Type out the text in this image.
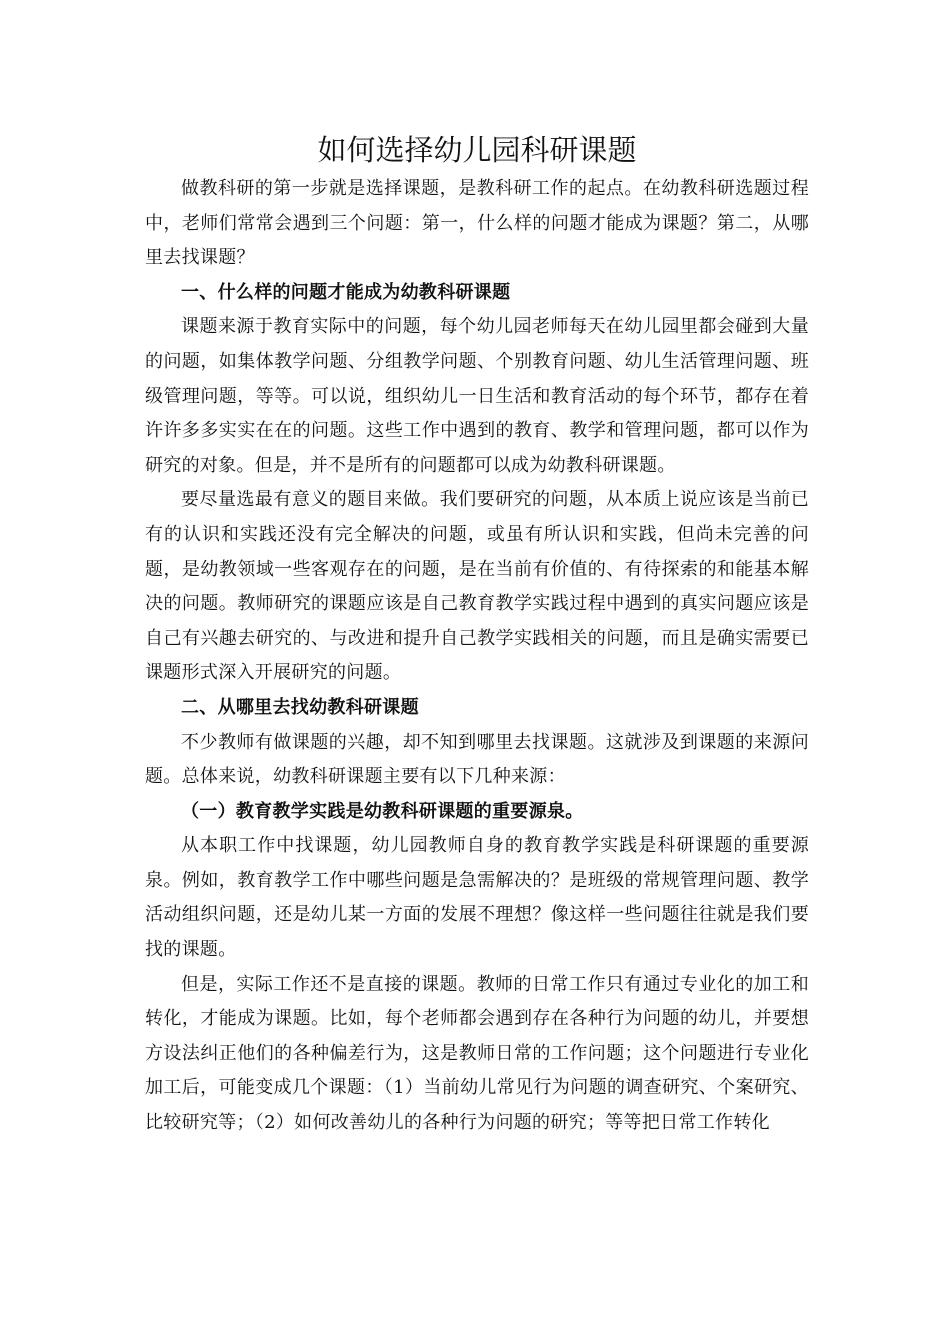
如何选择幼儿园科研课题

做教科研的第一步就是选择课题，是教科研工作的起点。在幼教科研选题过程中，老师们常常会遇到三个问题：第一，什么样的问题才能成为课题？第二，从哪里去找课题？

一、什么样的问题才能成为幼教科研课题

课题来源于教育实际中的问题，每个幼儿园老师每天在幼儿园里都会碰到大量的问题，如集体教学问题、分组教学问题、个别教育问题、幼儿生活管理问题、班级管理问题，等等。可以说，组织幼儿一日生活和教育活动的每个环节，都存在着许许多多实实在在的问题。这些工作中遇到的教育、教学和管理问题，都可以作为研究的对象。但是，并不是所有的问题都可以成为幼教科研课题。

要尽量选最有意义的题目来做。我们要研究的问题，从本质上说应该是当前已有的认识和实践还没有完全解决的问题，或虽有所认识和实践，但尚未完善的问题，是幼教领域一些客观存在的问题，是在当前有价值的、有待探索的和能基本解决的问题。教师研究的课题应该是自己教育教学实践过程中遇到的真实问题应该是自己有兴趣去研究的、与改进和提升自己教学实践相关的问题，而且是确实需要已课题形式深入开展研究的问题。

二、从哪里去找幼教科研课题

不少教师有做课题的兴趣，却不知到哪里去找课题。这就涉及到课题的来源问题。总体来说，幼教科研课题主要有以下几种来源：

（一）教育教学实践是幼教科研课题的重要源泉。

从本职工作中找课题，幼儿园教师自身的教育教学实践是科研课题的重要源泉。例如，教育教学工作中哪些问题是急需解决的？是班级的常规管理问题、教学活动组织问题，还是幼儿某一方面的发展不理想？像这样一些问题往往就是我们要找的课题。

但是，实际工作还不是直接的课题。教师的日常工作只有通过专业化的加工和转化，才能成为课题。比如，每个老师都会遇到存在各种行为问题的幼儿，并要想方设法纠正他们的各种偏差行为，这是教师日常的工作问题；这个问题进行专业化加工后，可能变成几个课题：（1）当前幼儿常见行为问题的调查研究、个案研究、比较研究等；（2）如何改善幼儿的各种行为问题的研究；等等把日常工作转化
